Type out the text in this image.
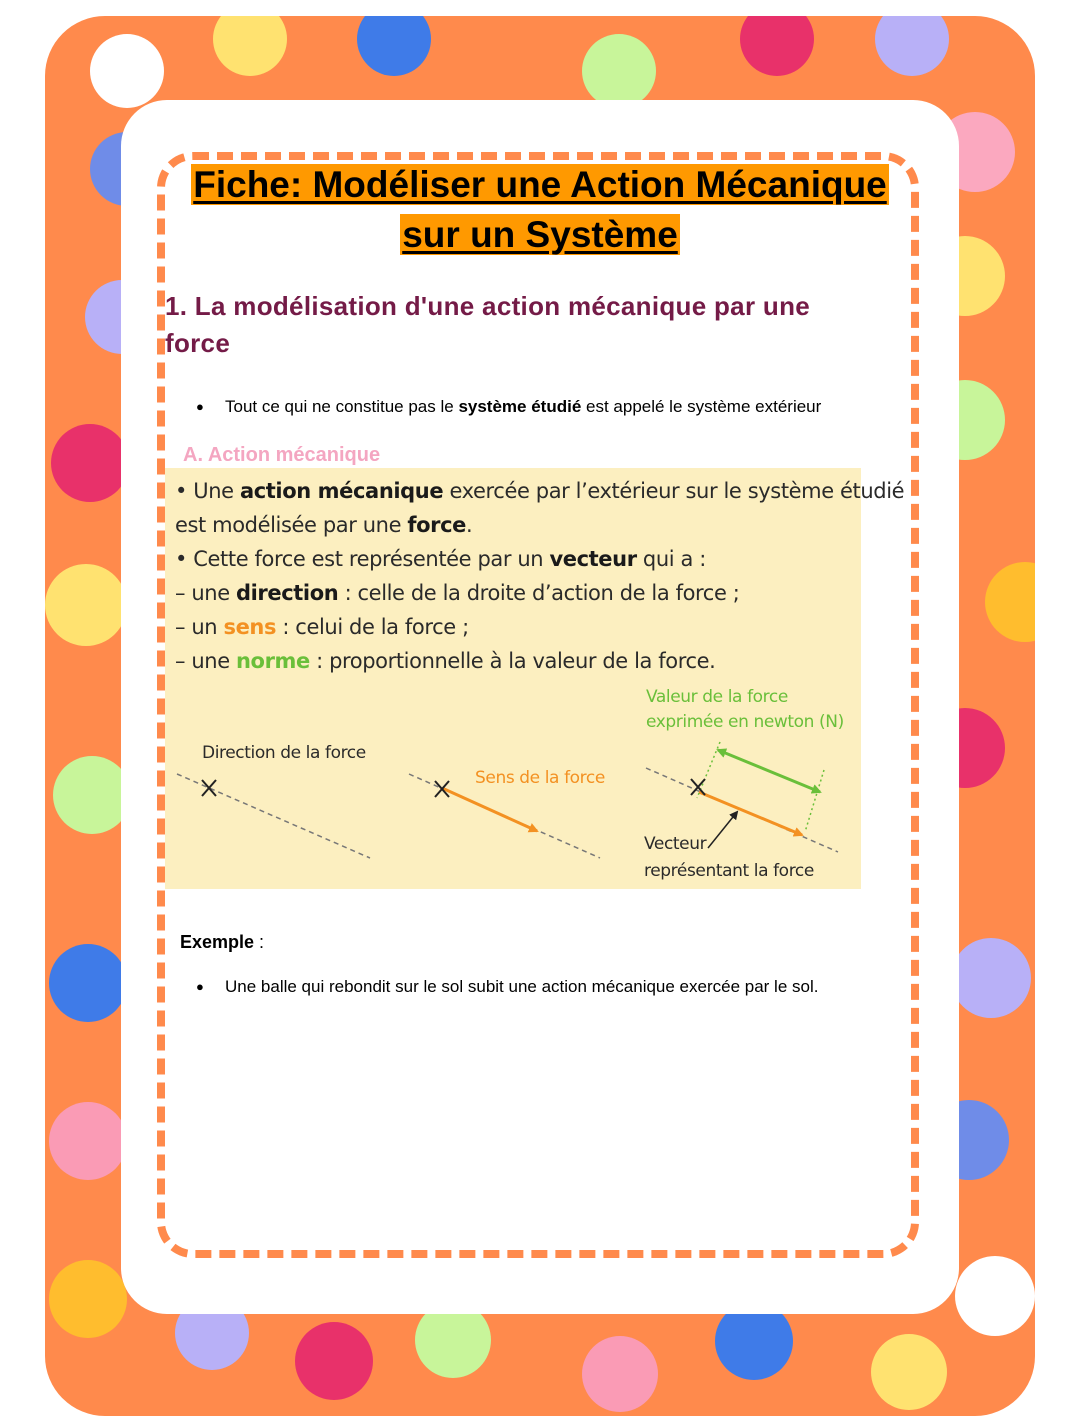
Fiche: Modéliser une Action Mécanique
sur un Système
1. La modélisation d'une action mécanique par une
force
● Tout ce qui ne constitue pas le système étudié est appelé le système extérieur
A. Action mécanique
• Une action mécanique exercée par l’extérieur sur le système étudié
est modélisée par une force.
• Cette force est représentée par un vecteur qui a :
– une direction : celle de la droite d’action de la force ;
– un sens : celui de la force ;
– une norme : proportionnelle à la valeur de la force.
Direction de la force
Sens de la force
Valeur de la force
exprimée en newton (N)
Vecteur
représentant la force
Exemple :
● Une balle qui rebondit sur le sol subit une action mécanique exercée par le sol.
